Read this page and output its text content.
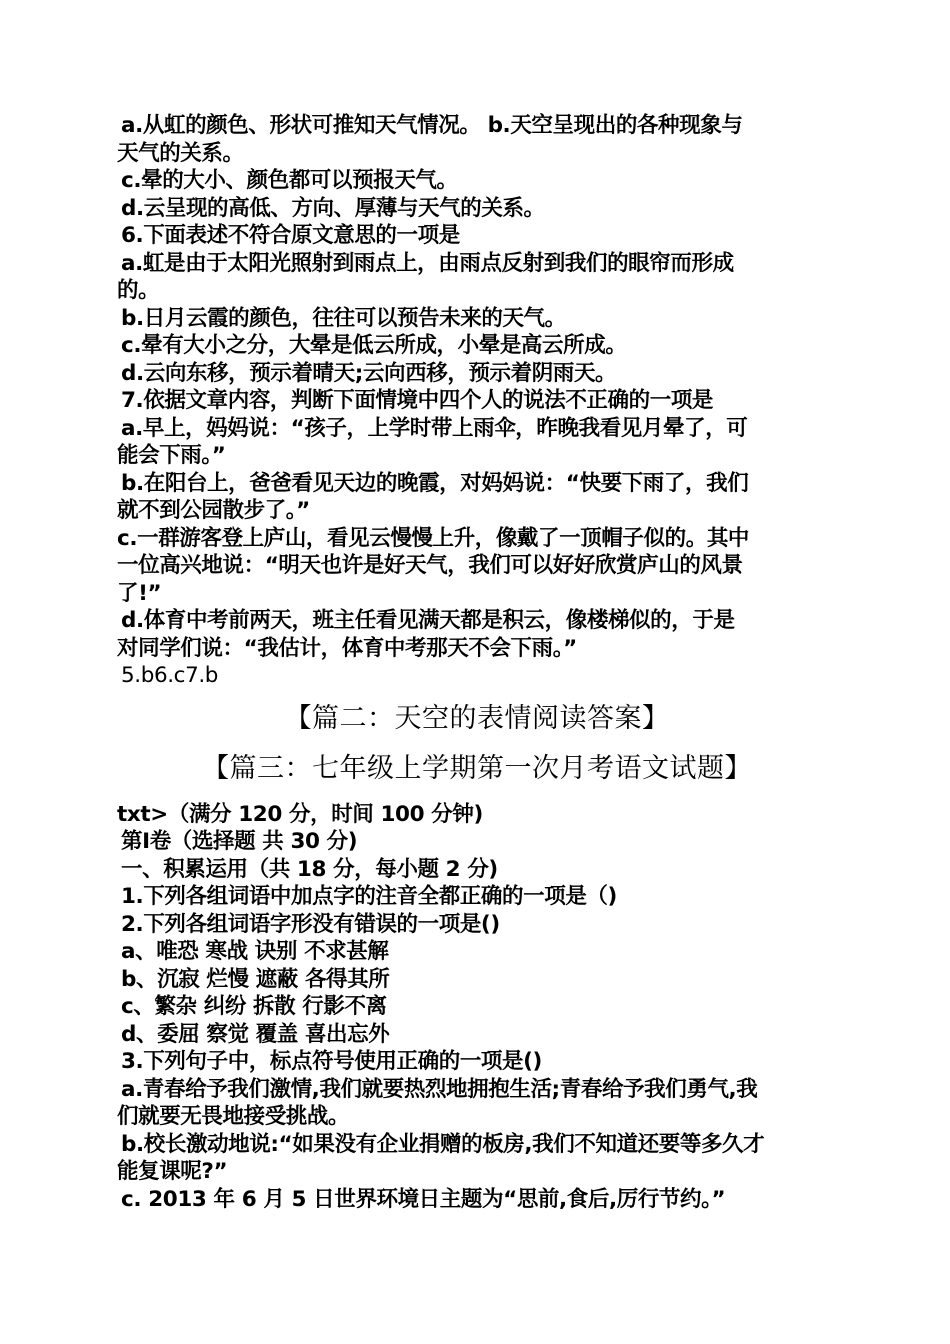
a.从虹的颜色、形状可推知天气情况。 b.天空呈现出的各种现象与
天气的关系。
c.晕的大小、颜色都可以预报天气。
d.云呈现的高低、方向、厚薄与天气的关系。
6.下面表述不符合原文意思的一项是
a.虹是由于太阳光照射到雨点上，由雨点反射到我们的眼帘而形成
的。
b.日月云霞的颜色，往往可以预告未来的天气。
c.晕有大小之分，大晕是低云所成，小晕是高云所成。
d.云向东移，预示着晴天;云向西移，预示着阴雨天。
7.依据文章内容，判断下面情境中四个人的说法不正确的一项是
a.早上，妈妈说：“孩子，上学时带上雨伞，昨晚我看见月晕了，可
能会下雨。”
b.在阳台上，爸爸看见天边的晚霞，对妈妈说：“快要下雨了，我们
就不到公园散步了。”
c.一群游客登上庐山，看见云慢慢上升，像戴了一顶帽子似的。其中
一位高兴地说：“明天也许是好天气，我们可以好好欣赏庐山的风景
了!”
d.体育中考前两天，班主任看见满天都是积云，像楼梯似的，于是
对同学们说：“我估计，体育中考那天不会下雨。”
5.b6.c7.b
【篇二：天空的表情阅读答案】
【篇三：七年级上学期第一次月考语文试题】
txt>（满分 120 分，时间 100 分钟)
第Ⅰ卷（选择题 共 30 分)
一、积累运用（共 18 分，每小题 2 分)
1.下列各组词语中加点字的注音全都正确的一项是（)
2.下列各组词语字形没有错误的一项是()
a、唯恐 寒战 诀别 不求甚解
b、沉寂 烂慢 遮蔽 各得其所
c、繁杂 纠纷 拆散 行影不离
d、委屈 察觉 覆盖 喜出忘外
3.下列句子中，标点符号使用正确的一项是()
a.青春给予我们激情,我们就要热烈地拥抱生活;青春给予我们勇气,我
们就要无畏地接受挑战。
b.校长激动地说:“如果没有企业捐赠的板房,我们不知道还要等多久才
能复课呢?”
c. 2013 年 6 月 5 日世界环境日主题为“思前,食后,厉行节约。”
